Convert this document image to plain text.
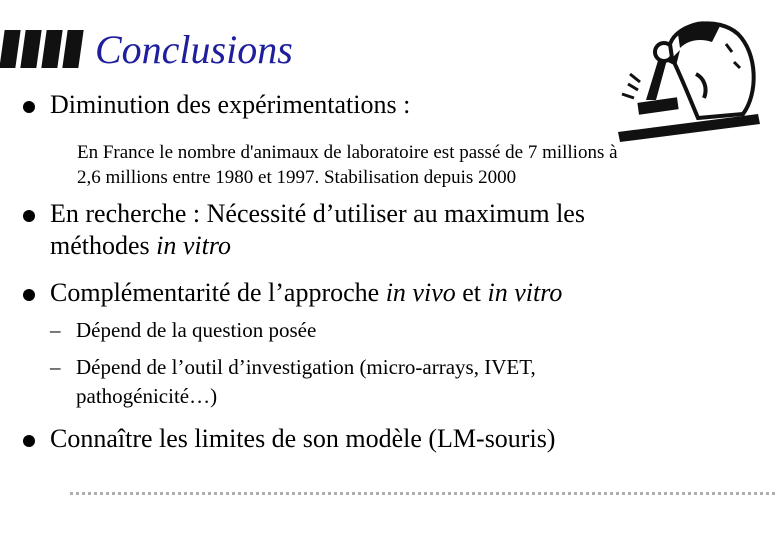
Conclusions
Diminution des expérimentations :
En France le nombre d'animaux de laboratoire est passé de 7 millions à
2,6 millions entre 1980 et 1997. Stabilisation depuis 2000
En recherche : Nécessité d’utiliser au maximum les
méthodes in vitro
Complémentarité de l’approche in vivo et in vitro
– Dépend de la question posée
– Dépend de l’outil d’investigation (micro-arrays, IVET,
pathogénicité…)
Connaître les limites de son modèle (LM-souris)
